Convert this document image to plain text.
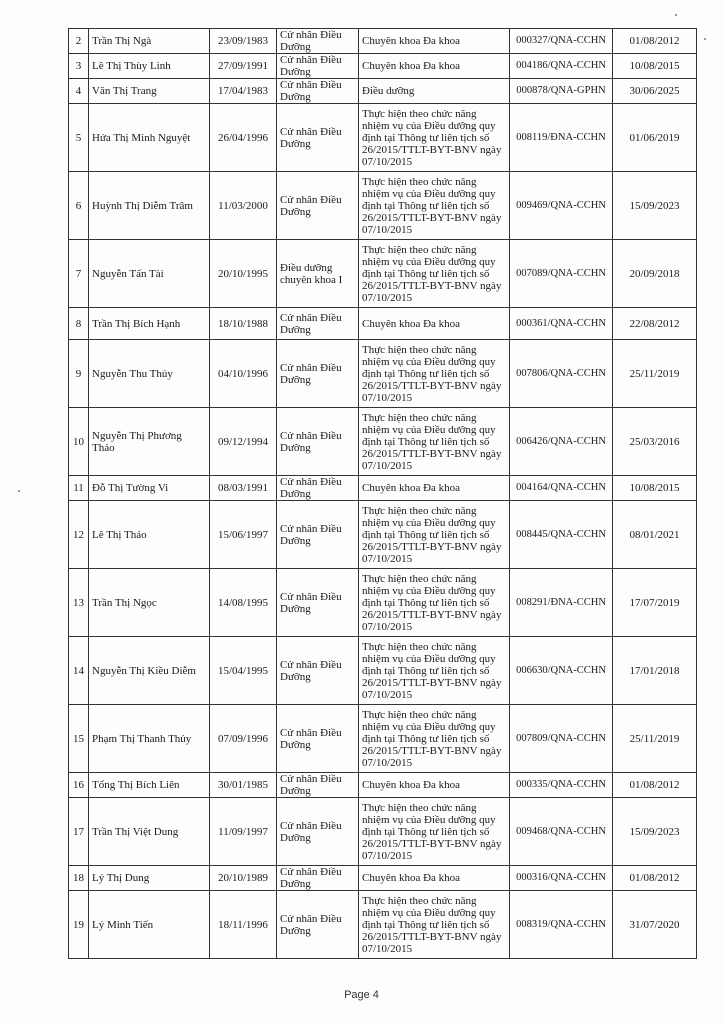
2	Trần Thị Ngà	23/09/1983	Cử nhân Điều Dưỡng	Chuyên khoa Đa khoa	000327/QNA-CCHN	01/08/2012
3	Lê Thị Thùy Linh	27/09/1991	Cử nhân Điều Dưỡng	Chuyên khoa Đa khoa	004186/QNA-CCHN	10/08/2015
4	Văn Thị Trang	17/04/1983	Cử nhân Điều Dưỡng	Điều dưỡng	000878/QNA-GPHN	30/06/2025
5	Hứa Thị Minh Nguyệt	26/04/1996	Cử nhân Điều Dưỡng	Thực hiện theo chức năng nhiệm vụ của Điều dưỡng quy định tại Thông tư liên tịch số 26/2015/TTLT-BYT-BNV ngày 07/10/2015	008119/ĐNA-CCHN	01/06/2019
6	Huỳnh Thị Diễm Trâm	11/03/2000	Cử nhân Điều Dưỡng	Thực hiện theo chức năng nhiệm vụ của Điều dưỡng quy định tại Thông tư liên tịch số 26/2015/TTLT-BYT-BNV ngày 07/10/2015	009469/QNA-CCHN	15/09/2023
7	Nguyễn Tấn Tài	20/10/1995	Điều dưỡng chuyên khoa I	Thực hiện theo chức năng nhiệm vụ của Điều dưỡng quy định tại Thông tư liên tịch số 26/2015/TTLT-BYT-BNV ngày 07/10/2015	007089/QNA-CCHN	20/09/2018
8	Trần Thị Bích Hạnh	18/10/1988	Cử nhân Điều Dưỡng	Chuyên khoa Đa khoa	000361/QNA-CCHN	22/08/2012
9	Nguyễn Thu Thủy	04/10/1996	Cử nhân Điều Dưỡng	Thực hiện theo chức năng nhiệm vụ của Điều dưỡng quy định tại Thông tư liên tịch số 26/2015/TTLT-BYT-BNV ngày 07/10/2015	007806/QNA-CCHN	25/11/2019
10	Nguyễn Thị Phương Thảo	09/12/1994	Cử nhân Điều Dưỡng	Thực hiện theo chức năng nhiệm vụ của Điều dưỡng quy định tại Thông tư liên tịch số 26/2015/TTLT-BYT-BNV ngày 07/10/2015	006426/QNA-CCHN	25/03/2016
11	Đỗ Thị Tường Vi	08/03/1991	Cử nhân Điều Dưỡng	Chuyên khoa Đa khoa	004164/QNA-CCHN	10/08/2015
12	Lê Thị Thảo	15/06/1997	Cử nhân Điều Dưỡng	Thực hiện theo chức năng nhiệm vụ của Điều dưỡng quy định tại Thông tư liên tịch số 26/2015/TTLT-BYT-BNV ngày 07/10/2015	008445/QNA-CCHN	08/01/2021
13	Trần Thị Ngọc	14/08/1995	Cử nhân Điều Dưỡng	Thực hiện theo chức năng nhiệm vụ của Điều dưỡng quy định tại Thông tư liên tịch số 26/2015/TTLT-BYT-BNV ngày 07/10/2015	008291/ĐNA-CCHN	17/07/2019
14	Nguyễn Thị Kiều Diễm	15/04/1995	Cử nhân Điều Dưỡng	Thực hiện theo chức năng nhiệm vụ của Điều dưỡng quy định tại Thông tư liên tịch số 26/2015/TTLT-BYT-BNV ngày 07/10/2015	006630/QNA-CCHN	17/01/2018
15	Phạm Thị Thanh Thủy	07/09/1996	Cử nhân Điều Dưỡng	Thực hiện theo chức năng nhiệm vụ của Điều dưỡng quy định tại Thông tư liên tịch số 26/2015/TTLT-BYT-BNV ngày 07/10/2015	007809/QNA-CCHN	25/11/2019
16	Tống Thị Bích Liên	30/01/1985	Cử nhân Điều Dưỡng	Chuyên khoa Đa khoa	000335/QNA-CCHN	01/08/2012
17	Trần Thị Việt Dung	11/09/1997	Cử nhân Điều Dưỡng	Thực hiện theo chức năng nhiệm vụ của Điều dưỡng quy định tại Thông tư liên tịch số 26/2015/TTLT-BYT-BNV ngày 07/10/2015	009468/QNA-CCHN	15/09/2023
18	Lý Thị Dung	20/10/1989	Cử nhân Điều Dưỡng	Chuyên khoa Đa khoa	000316/QNA-CCHN	01/08/2012
19	Lý Minh Tiến	18/11/1996	Cử nhân Điều Dưỡng	Thực hiện theo chức năng nhiệm vụ của Điều dưỡng quy định tại Thông tư liên tịch số 26/2015/TTLT-BYT-BNV ngày 07/10/2015	008319/QNA-CCHN	31/07/2020
Page 4
